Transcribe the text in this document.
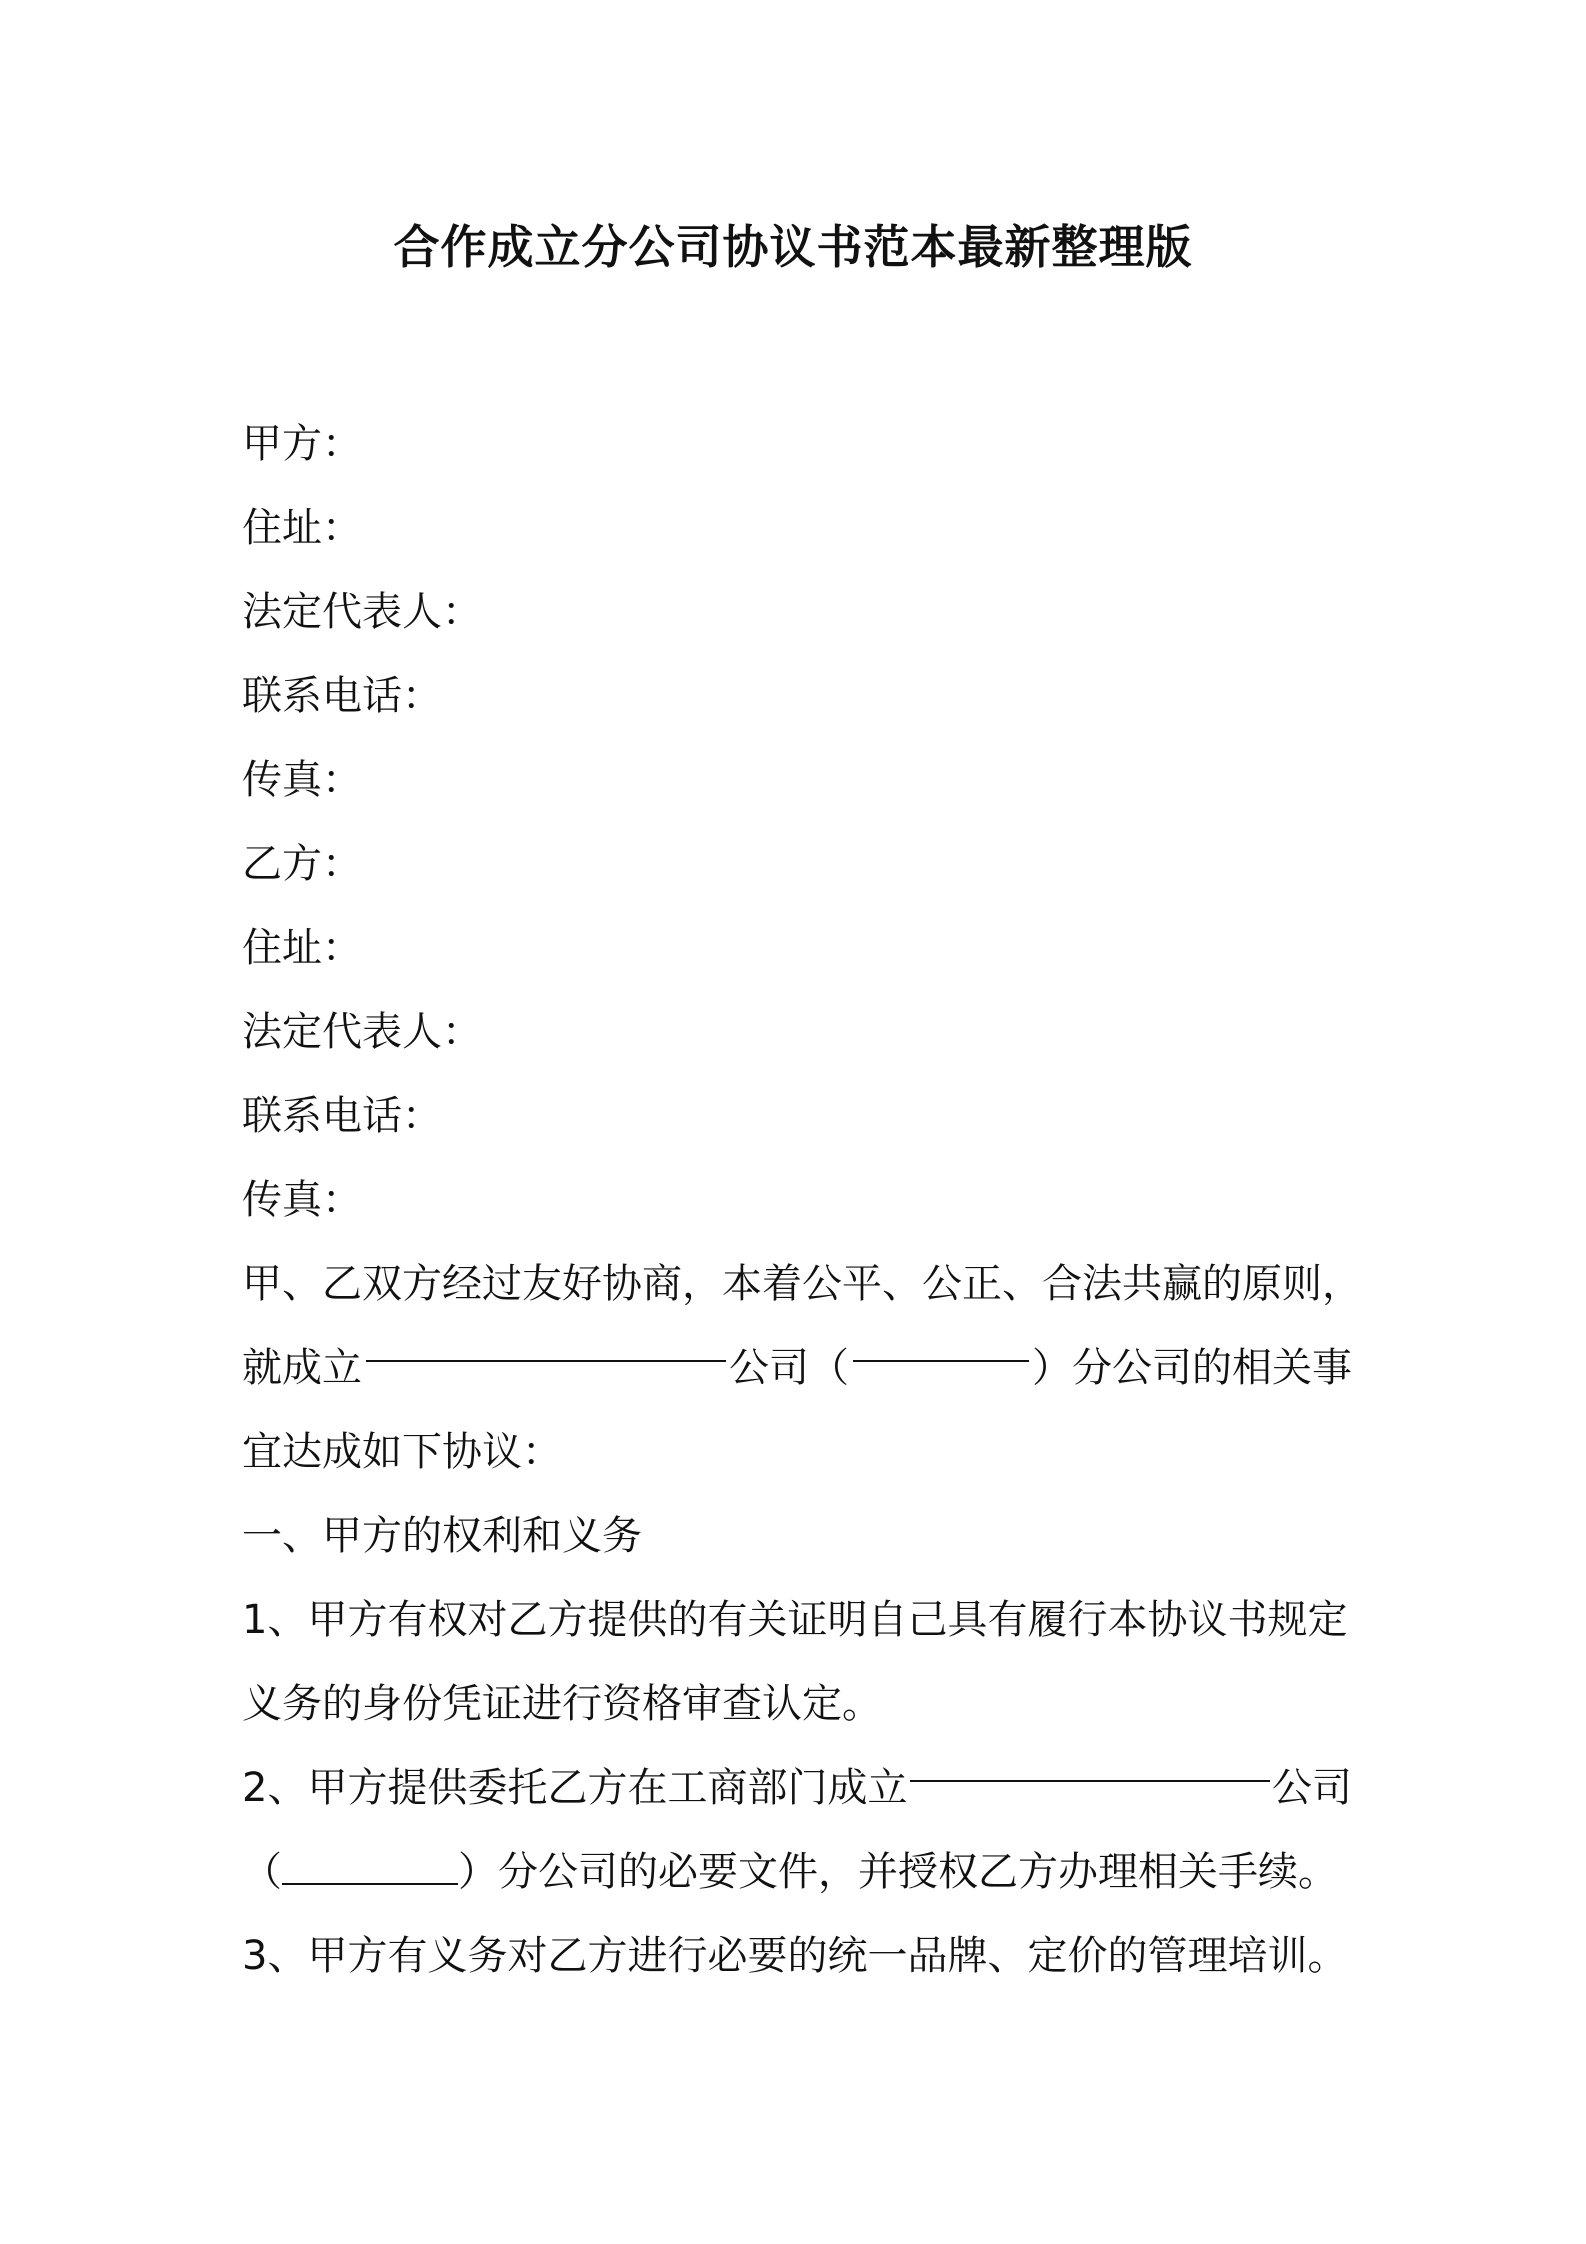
合作成立分公司协议书范本最新整理版
甲方：
住址：
法定代表人：
联系电话：
传真：
乙方：
住址：
法定代表人：
联系电话：
传真：
甲、乙双方经过友好协商，本着公平、公正、合法共赢的原则，
就成立	公司（	）分公司的相关事
宜达成如下协议：
一、甲方的权利和义务
1、甲方有权对乙方提供的有关证明自己具有履行本协议书规定
义务的身份凭证进行资格审查认定。
2、甲方提供委托乙方在工商部门成立	公司
（	）分公司的必要文件，并授权乙方办理相关手续。
3、甲方有义务对乙方进行必要的统一品牌、定价的管理培训。
